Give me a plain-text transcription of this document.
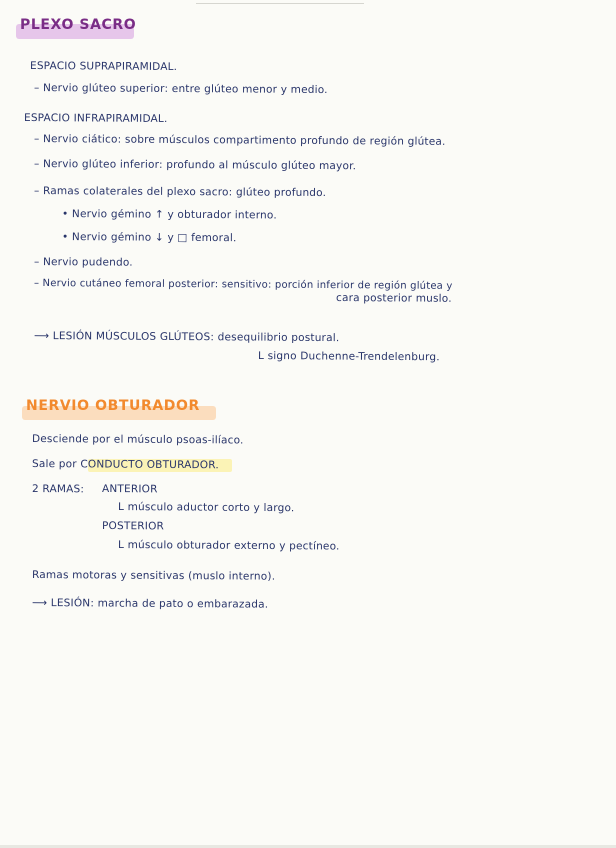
PLEXO SACRO
ESPACIO SUPRAPIRAMIDAL.
– Nervio glúteo superior: entre glúteo menor y medio.
ESPACIO INFRAPIRAMIDAL.
– Nervio ciático: sobre músculos compartimento profundo de región glútea.
– Nervio glúteo inferior: profundo al músculo glúteo mayor.
– Ramas colaterales del plexo sacro: glúteo profundo.
• Nervio gémino ↑ y obturador interno.
• Nervio gémino ↓ y □ femoral.
– Nervio pudendo.
– Nervio cutáneo femoral posterior: sensitivo: porción inferior de región glútea y
cara posterior muslo.
⟶ LESIÓN MÚSCULOS GLÚTEOS: desequilibrio postural.
L signo Duchenne-Trendelenburg.
NERVIO OBTURADOR
Desciende por el músculo psoas-ilíaco.
Sale por CONDUCTO OBTURADOR.
2 RAMAS: ANTERIOR
L músculo aductor corto y largo.
POSTERIOR
L músculo obturador externo y pectíneo.
Ramas motoras y sensitivas (muslo interno).
⟶ LESIÓN: marcha de pato o embarazada.
